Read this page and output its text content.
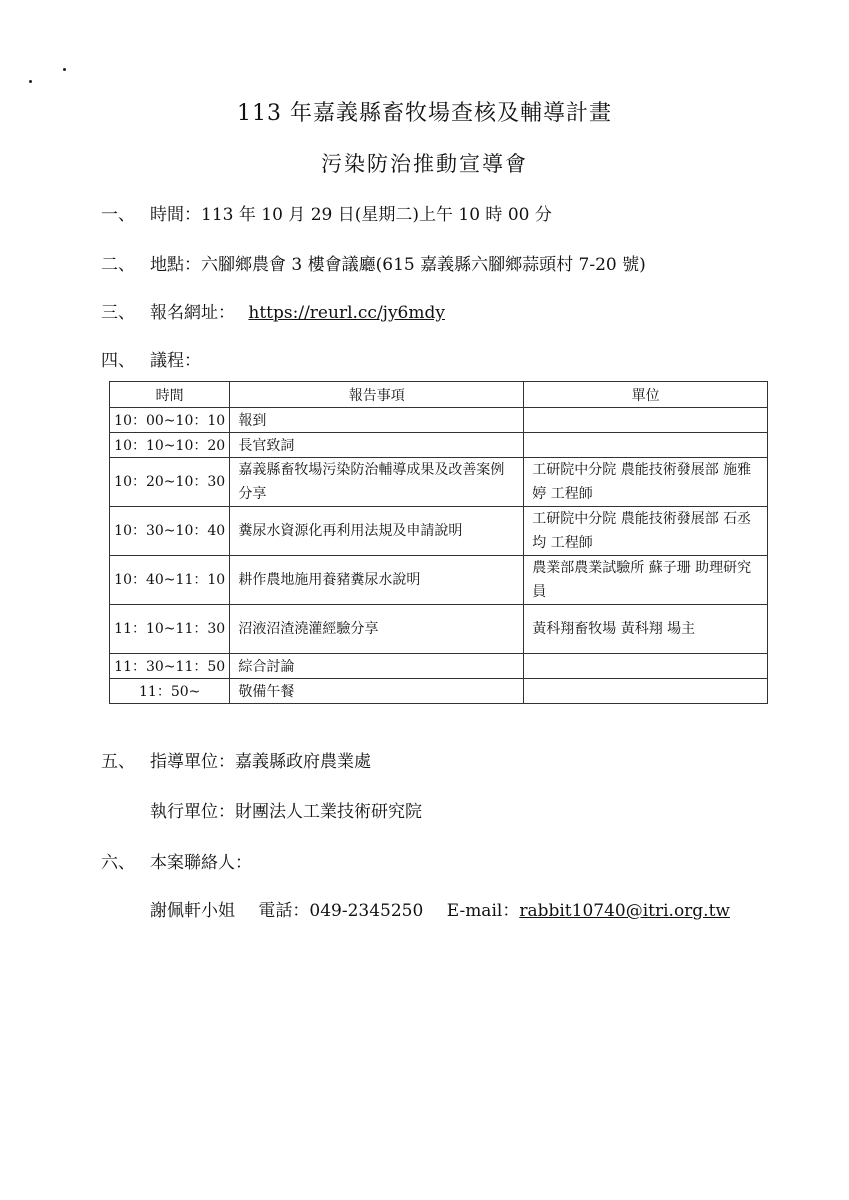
113 年嘉義縣畜牧場查核及輔導計畫
污染防治推動宣導會
一、 時間：113 年 10 月 29 日(星期二)上午 10 時 00 分
二、 地點：六腳鄉農會 3 樓會議廳(615 嘉義縣六腳鄉蒜頭村 7-20 號)
三、 報名網址： https://reurl.cc/jy6mdy
四、 議程：
時間	報告事項	單位
10：00~10：10	報到	
10：10~10：20	長官致詞	
10：20~10：30	嘉義縣畜牧場污染防治輔導成果及改善案例分享	工研院中分院 農能技術發展部 施雅婷 工程師
10：30~10：40	糞尿水資源化再利用法規及申請說明	工研院中分院 農能技術發展部 石丞均 工程師
10：40~11：10	耕作農地施用養豬糞尿水說明	農業部農業試驗所 蘇子珊 助理研究員
11：10~11：30	沼液沼渣澆灌經驗分享	黃科翔畜牧場 黃科翔 場主
11：30~11：50	綜合討論	
11：50~	敬備午餐	
五、 指導單位：嘉義縣政府農業處
執行單位：財團法人工業技術研究院
六、 本案聯絡人：
謝佩軒小姐 電話：049-2345250 E-mail：rabbit10740@itri.org.tw
